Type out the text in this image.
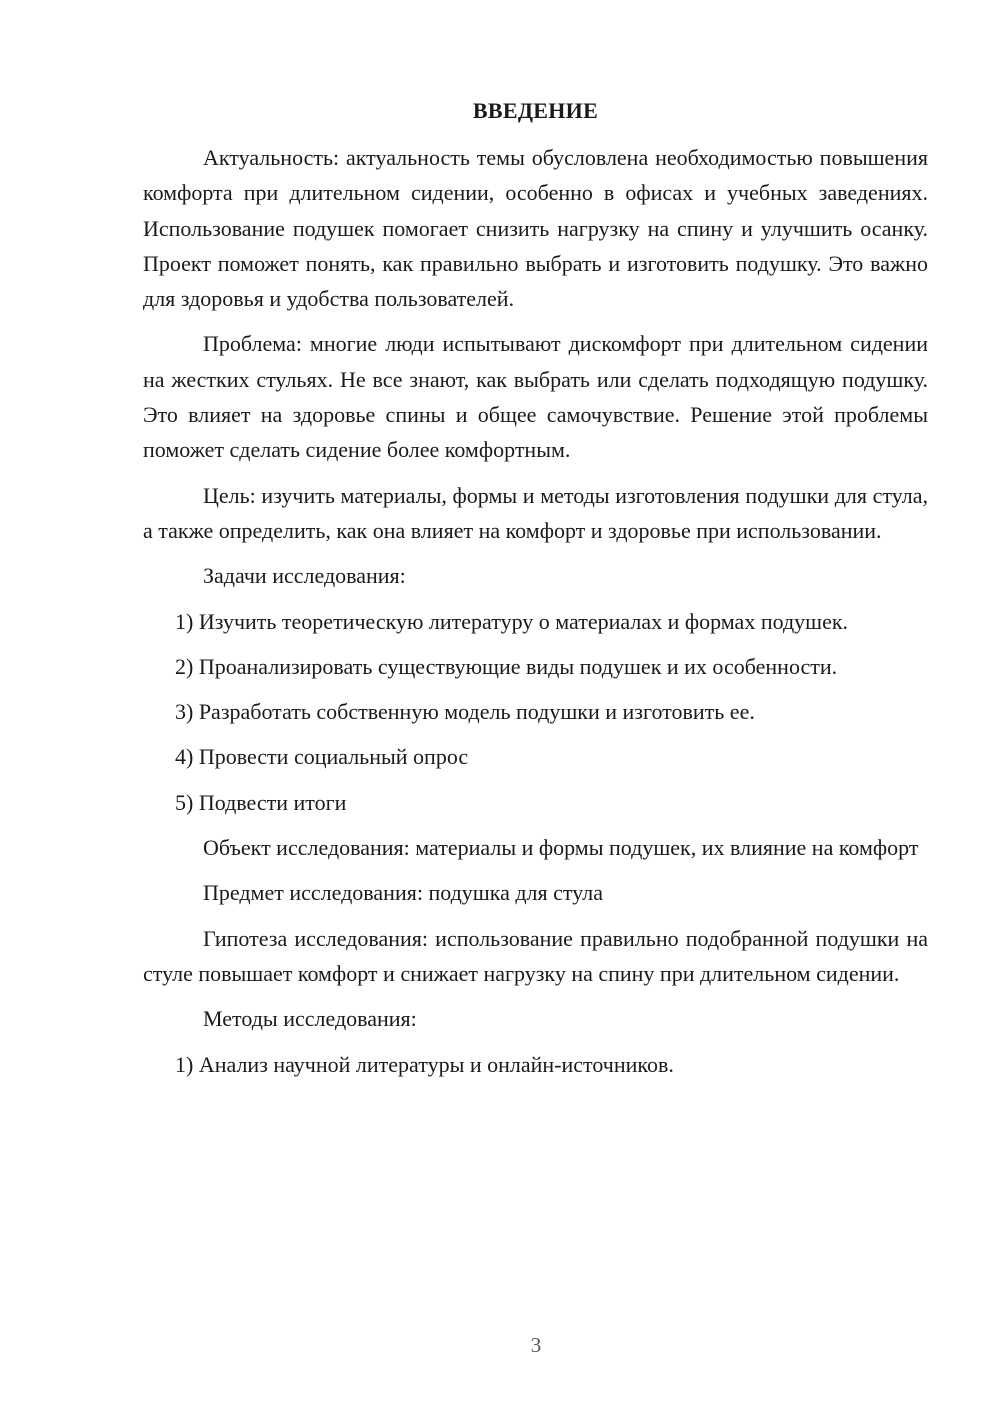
ВВЕДЕНИЕ

Актуальность: актуальность темы обусловлена необходимостью повышения комфорта при длительном сидении, особенно в офисах и учебных заведениях. Использование подушек помогает снизить нагрузку на спину и улучшить осанку. Проект поможет понять, как правильно выбрать и изготовить подушку. Это важно для здоровья и удобства пользователей.

Проблема: многие люди испытывают дискомфорт при длительном сидении на жестких стульях. Не все знают, как выбрать или сделать подходящую подушку. Это влияет на здоровье спины и общее самочувствие. Решение этой проблемы поможет сделать сидение более комфортным.

Цель: изучить материалы, формы и методы изготовления подушки для стула, а также определить, как она влияет на комфорт и здоровье при использовании.

Задачи исследования:

1) Изучить теоретическую литературу о материалах и формах подушек.

2) Проанализировать существующие виды подушек и их особенности.

3) Разработать собственную модель подушки и изготовить ее.

4) Провести социальный опрос

5) Подвести итоги

Объект исследования: материалы и формы подушек, их влияние на комфорт

Предмет исследования: подушка для стула

Гипотеза исследования: использование правильно подобранной подушки на стуле повышает комфорт и снижает нагрузку на спину при длительном сидении.

Методы исследования:

1) Анализ научной литературы и онлайн-источников.

3
